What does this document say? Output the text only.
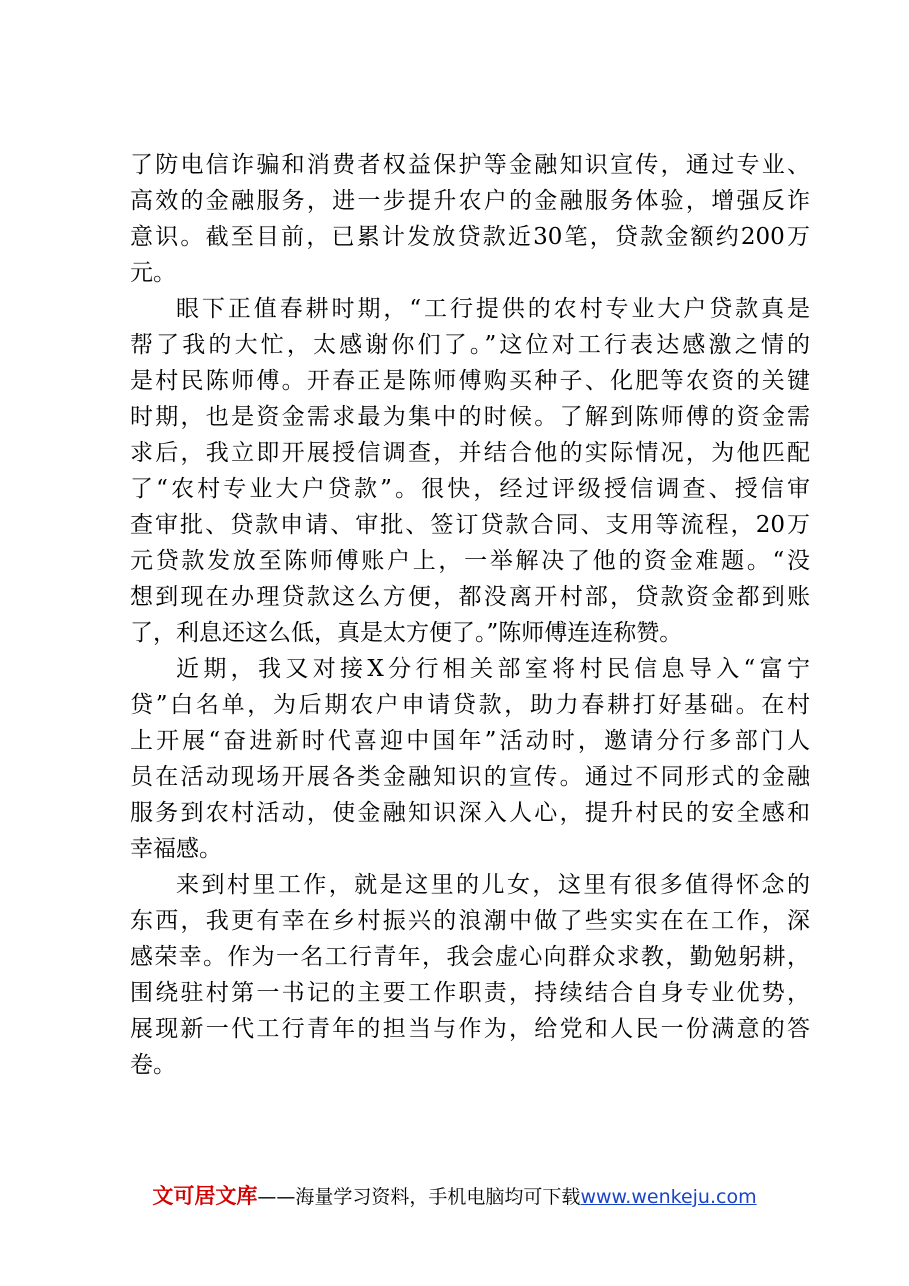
了防电信诈骗和消费者权益保护等金融知识宣传，通过专业、
高效的金融服务，进一步提升农户的金融服务体验，增强反诈
意识。截至目前，已累计发放贷款近30笔，贷款金额约200万
元。
眼下正值春耕时期，“工行提供的农村专业大户贷款真是
帮了我的大忙，太感谢你们了。”这位对工行表达感激之情的
是村民陈师傅。开春正是陈师傅购买种子、化肥等农资的关键
时期，也是资金需求最为集中的时候。了解到陈师傅的资金需
求后，我立即开展授信调查，并结合他的实际情况，为他匹配
了“农村专业大户贷款”。很快，经过评级授信调查、授信审
查审批、贷款申请、审批、签订贷款合同、支用等流程，20万
元贷款发放至陈师傅账户上，一举解决了他的资金难题。“没
想到现在办理贷款这么方便，都没离开村部，贷款资金都到账
了，利息还这么低，真是太方便了。”陈师傅连连称赞。
近期，我又对接X分行相关部室将村民信息导入“富宁
贷”白名单，为后期农户申请贷款，助力春耕打好基础。在村
上开展“奋进新时代喜迎中国年”活动时，邀请分行多部门人
员在活动现场开展各类金融知识的宣传。通过不同形式的金融
服务到农村活动，使金融知识深入人心，提升村民的安全感和
幸福感。
来到村里工作，就是这里的儿女，这里有很多值得怀念的
东西，我更有幸在乡村振兴的浪潮中做了些实实在在工作，深
感荣幸。作为一名工行青年，我会虚心向群众求教，勤勉躬耕，
围绕驻村第一书记的主要工作职责，持续结合自身专业优势，
展现新一代工行青年的担当与作为，给党和人民一份满意的答
卷。
文可居文库——海量学习资料，手机电脑均可下载www.wenkeju.com
